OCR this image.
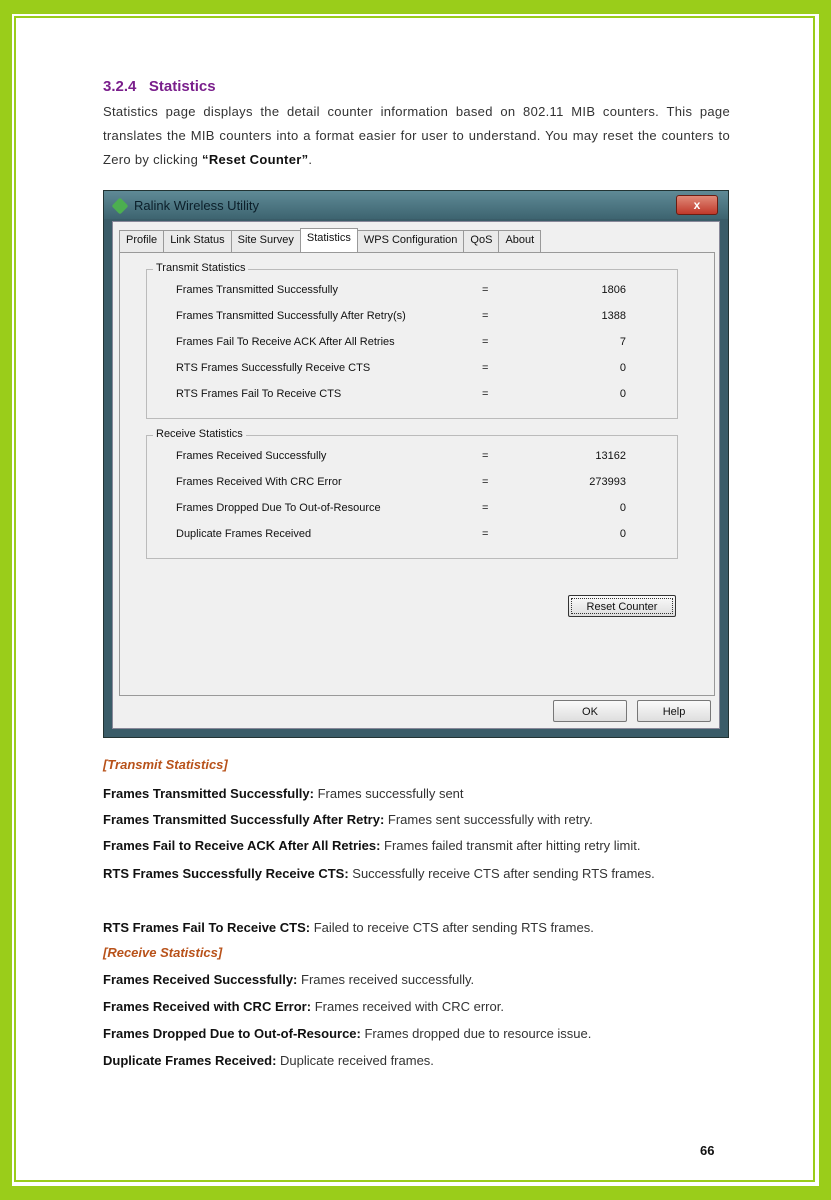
3.2.4 Statistics
Statistics page displays the detail counter information based on 802.11 MIB counters. This page translates the MIB counters into a format easier for user to understand. You may reset the counters to Zero by clicking “Reset Counter”.
Ralink Wireless Utility	x
Profile	Link Status	Site Survey	Statistics	WPS Configuration	QoS	About
Transmit Statistics
Frames Transmitted Successfully	=	1806
Frames Transmitted Successfully After Retry(s)	=	1388
Frames Fail To Receive ACK After All Retries	=	7
RTS Frames Successfully Receive CTS	=	0
RTS Frames Fail To Receive CTS	=	0
Receive Statistics
Frames Received Successfully	=	13162
Frames Received With CRC Error	=	273993
Frames Dropped Due To Out-of-Resource	=	0
Duplicate Frames Received	=	0
Reset Counter
OK	Help
[Transmit Statistics]
Frames Transmitted Successfully: Frames successfully sent
Frames Transmitted Successfully After Retry: Frames sent successfully with retry.
Frames Fail to Receive ACK After All Retries: Frames failed transmit after hitting retry limit.
RTS Frames Successfully Receive CTS: Successfully receive CTS after sending RTS frames.
RTS Frames Fail To Receive CTS: Failed to receive CTS after sending RTS frames.
[Receive Statistics]
Frames Received Successfully: Frames received successfully.
Frames Received with CRC Error: Frames received with CRC error.
Frames Dropped Due to Out-of-Resource: Frames dropped due to resource issue.
Duplicate Frames Received: Duplicate received frames.
66
